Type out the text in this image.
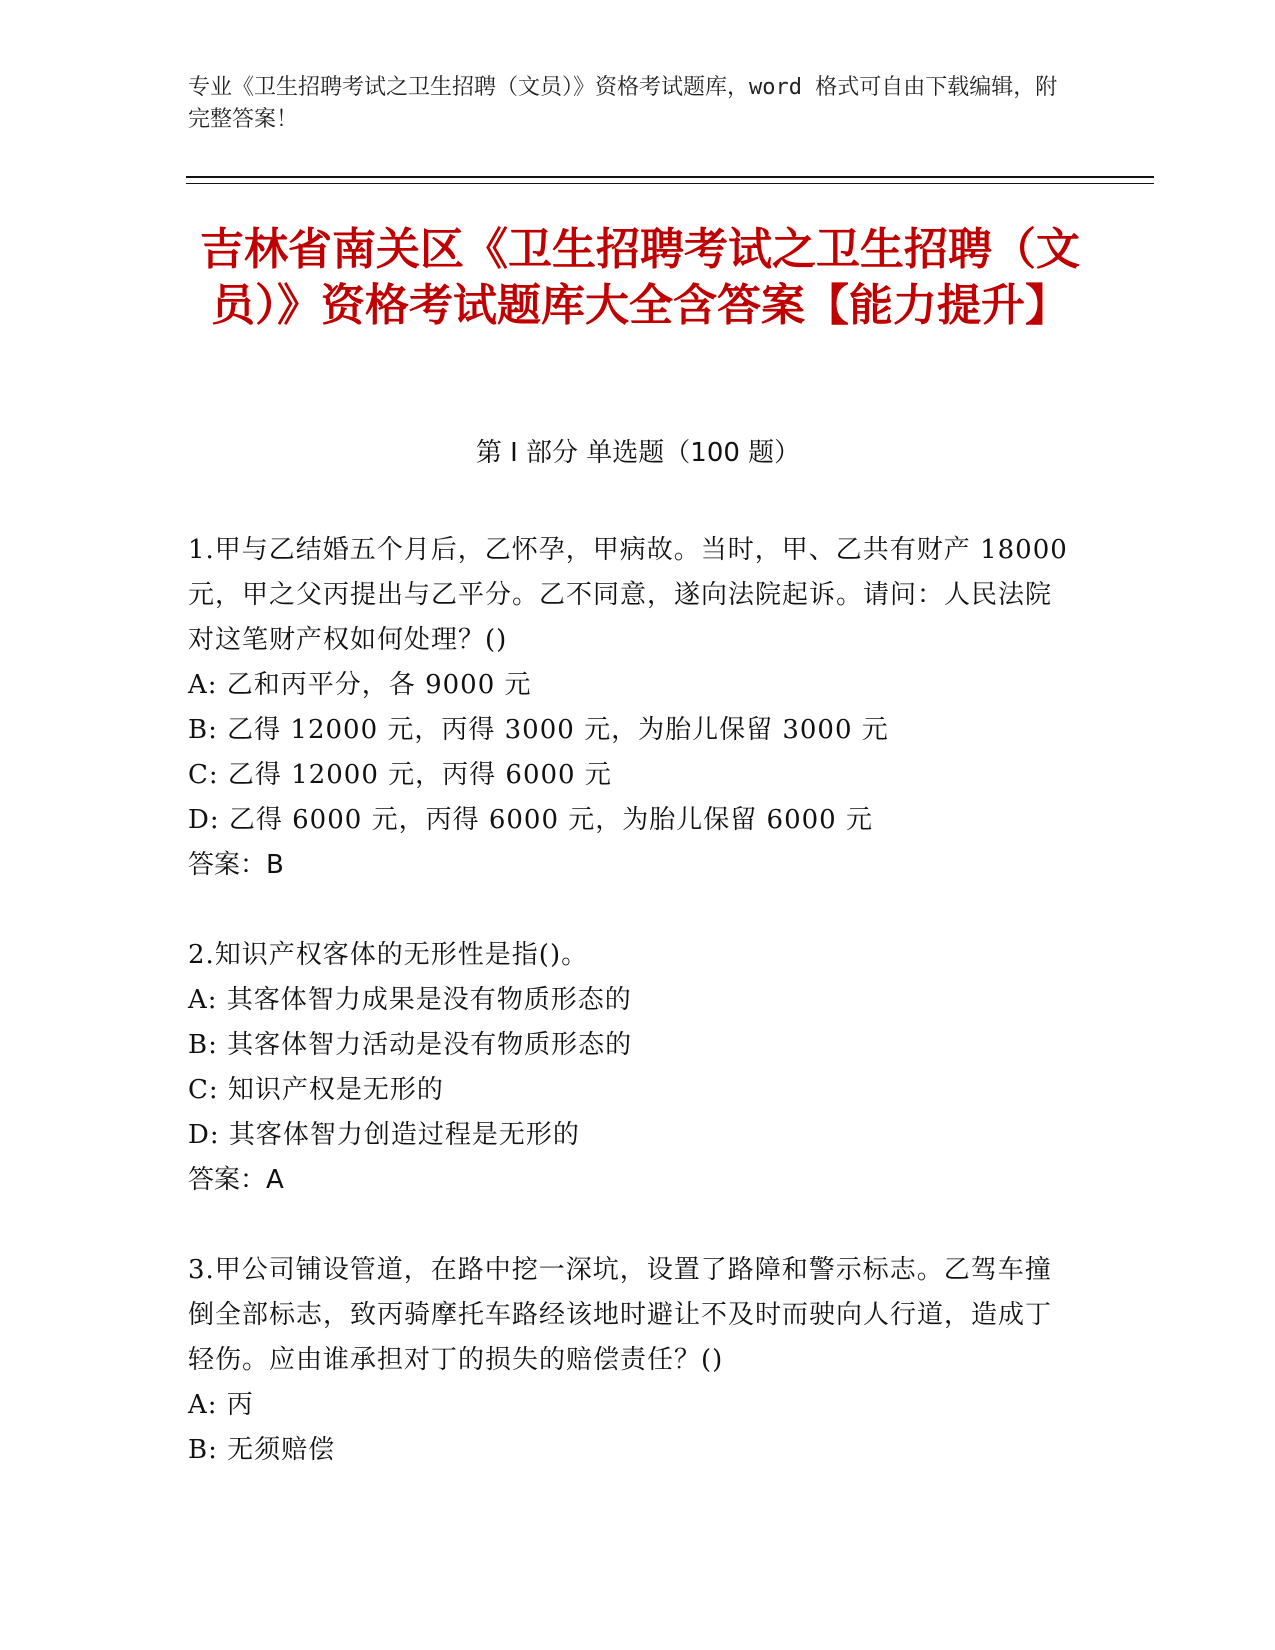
专业《卫生招聘考试之卫生招聘（文员）》资格考试题库，word 格式可自由下载编辑，附完整答案！
吉林省南关区《卫生招聘考试之卫生招聘（文员）》资格考试题库大全含答案【能力提升】
第 I 部分 单选题（100 题）
1.甲与乙结婚五个月后，乙怀孕，甲病故。当时，甲、乙共有财产 18000 元，甲之父丙提出与乙平分。乙不同意，遂向法院起诉。请问：人民法院对这笔财产权如何处理？()
A: 乙和丙平分，各 9000 元
B: 乙得 12000 元，丙得 3000 元，为胎儿保留 3000 元
C: 乙得 12000 元，丙得 6000 元
D: 乙得 6000 元，丙得 6000 元，为胎儿保留 6000 元
答案：B
2.知识产权客体的无形性是指()。
A: 其客体智力成果是没有物质形态的
B: 其客体智力活动是没有物质形态的
C: 知识产权是无形的
D: 其客体智力创造过程是无形的
答案：A
3.甲公司铺设管道，在路中挖一深坑，设置了路障和警示标志。乙驾车撞倒全部标志，致丙骑摩托车路经该地时避让不及时而驶向人行道，造成丁轻伤。应由谁承担对丁的损失的赔偿责任？()
A: 丙
B: 无须赔偿
